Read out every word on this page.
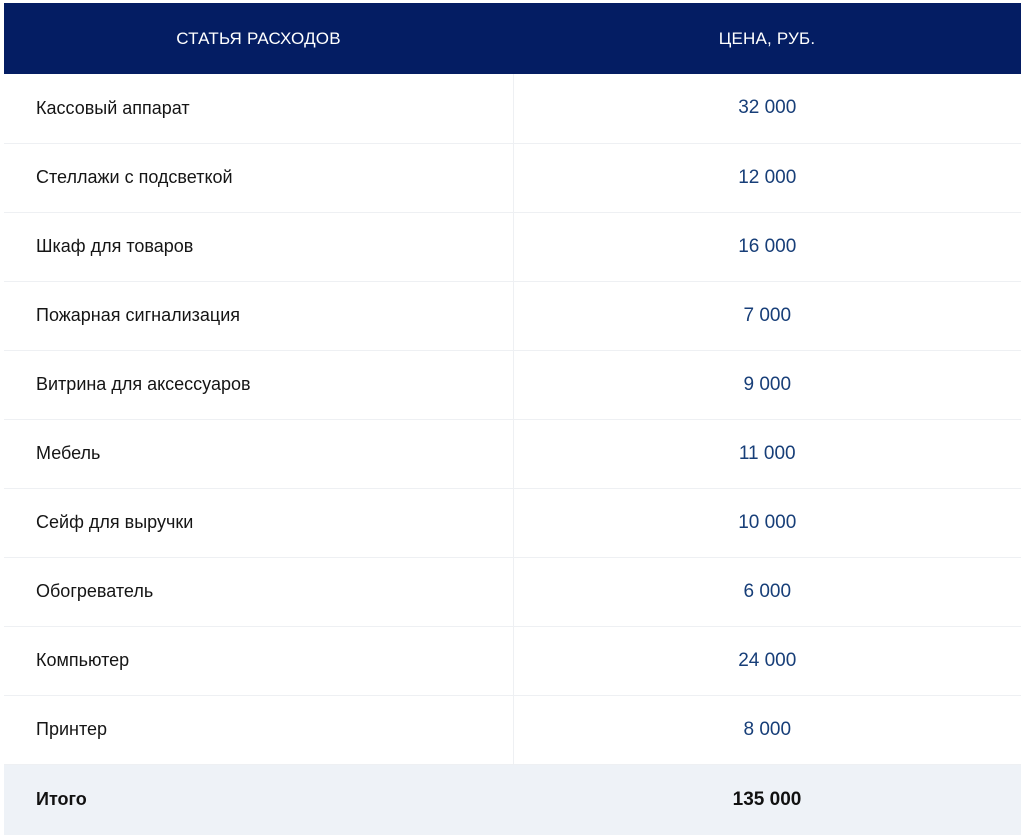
СТАТЬЯ РАСХОДОВ	ЦЕНА, РУБ.
Кассовый аппарат	32 000
Стеллажи с подсветкой	12 000
Шкаф для товаров	16 000
Пожарная сигнализация	7 000
Витрина для аксессуаров	9 000
Мебель	11 000
Сейф для выручки	10 000
Обогреватель	6 000
Компьютер	24 000
Принтер	8 000
Итого	135 000
